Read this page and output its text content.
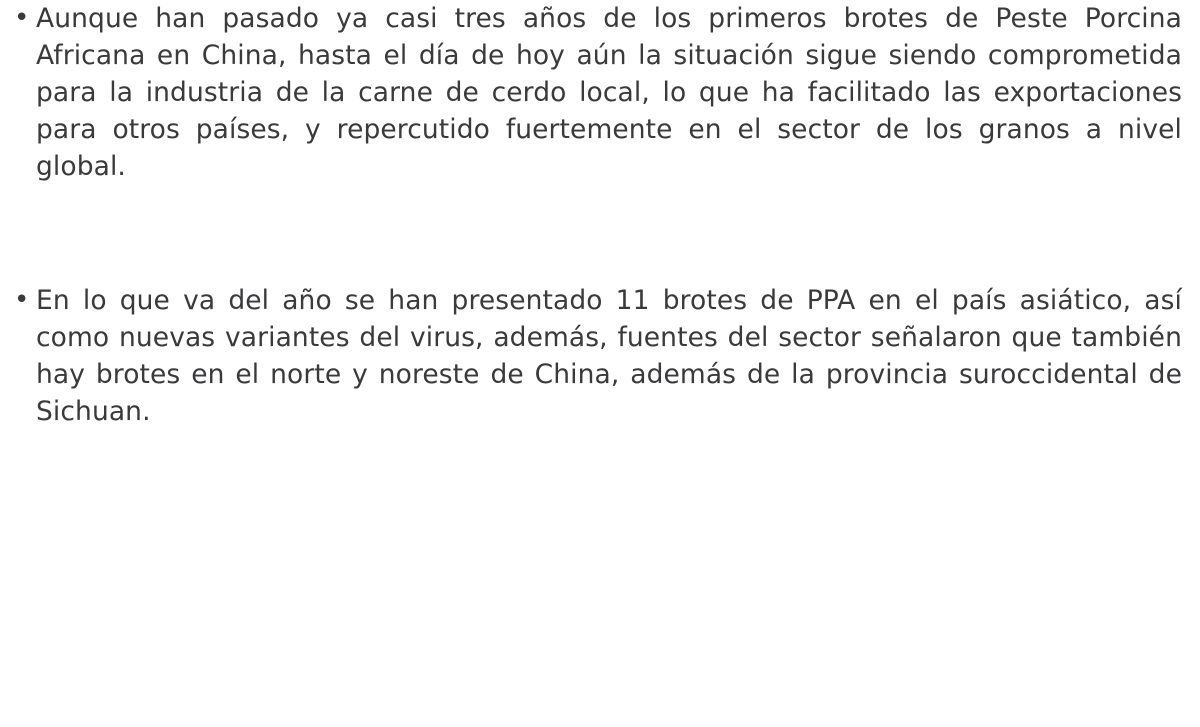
• Aunque han pasado ya casi tres años de los primeros brotes de Peste Porcina Africana en China, hasta el día de hoy aún la situación sigue siendo comprometida para la industria de la carne de cerdo local, lo que ha facilitado las exportaciones para otros países, y repercutido fuertemente en el sector de los granos a nivel global.
• En lo que va del año se han presentado 11 brotes de PPA en el país asiático, así como nuevas variantes del virus, además, fuentes del sector señalaron que también hay brotes en el norte y noreste de China, además de la provincia suroccidental de Sichuan.
